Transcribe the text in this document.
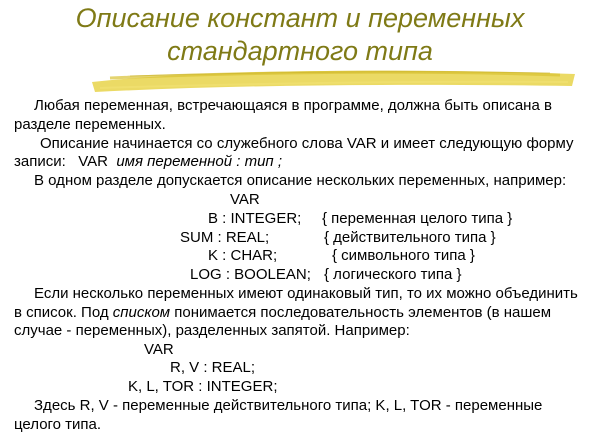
Описание констант и переменных
стандартного типа
Любая переменная, встречающаяся в программе, должна быть описана в
разделе переменных.
Описание начинается со служебного слова VAR и имеет следующую форму
записи:   VAR  имя переменной : тип ;
В одном разделе допускается описание нескольких переменных, например:
VAR
B : INTEGER; { переменная целого типа }
SUM : REAL;	{ действительного типа }
K : CHAR;	{ символьного типа }
LOG : BOOLEAN; { логического типа }
Если несколько переменных имеют одинаковый тип, то их можно объединить
в список. Под списком понимается последовательность элементов (в нашем
случае - переменных), разделенных запятой. Например:
VAR
R, V : REAL;
K, L, TOR : INTEGER;
Здесь R, V - переменные действительного типа; K, L, TOR - переменные
целого типа.
